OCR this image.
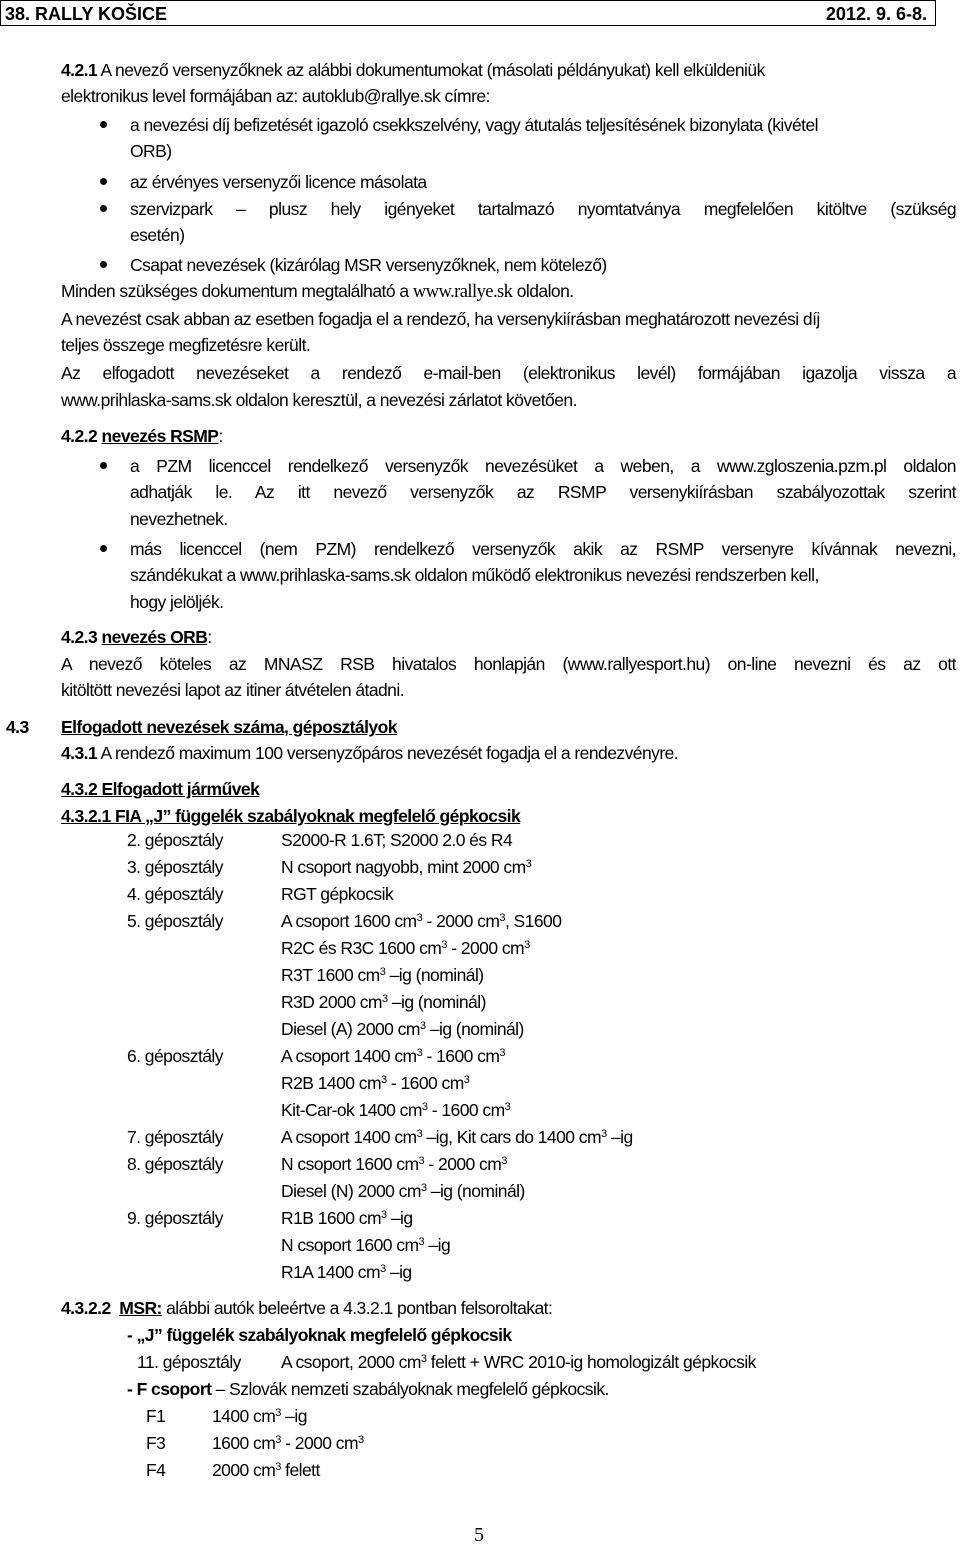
38. RALLY KOŠICE	2012. 9. 6-8.
4.2.1 A nevező versenyzőknek az alábbi dokumentumokat (másolati példányukat) kell elküldeniük
elektronikus level formájában az: autoklub@rallye.sk címre:
a nevezési díj befizetését igazoló csekkszelvény, vagy átutalás teljesítésének bizonylata (kivétel
ORB)
az érvényes versenyzői licence másolata
szervizpark – plusz hely igényeket tartalmazó nyomtatványa megfelelően kitöltve (szükség
esetén)
Csapat nevezések (kizárólag MSR versenyzőknek, nem kötelező)
Minden szükséges dokumentum megtalálható a www.rallye.sk oldalon.
A nevezést csak abban az esetben fogadja el a rendező, ha versenykiírásban meghatározott nevezési díj
teljes összege megfizetésre került.
Az elfogadott nevezéseket a rendező e-mail-ben (elektronikus levél) formájában igazolja vissza a
www.prihlaska-sams.sk oldalon keresztül, a nevezési zárlatot követően.
4.2.2 nevezés RSMP:
a PZM licenccel rendelkező versenyzők nevezésüket a weben, a www.zgloszenia.pzm.pl oldalon
adhatják le. Az itt nevező versenyzők az RSMP versenykiírásban szabályozottak szerint
nevezhetnek.
más licenccel (nem PZM) rendelkező versenyzők akik az RSMP versenyre kívánnak nevezni,
szándékukat a www.prihlaska-sams.sk oldalon működő elektronikus nevezési rendszerben kell,
hogy jelöljék.
4.2.3 nevezés ORB:
A nevező köteles az MNASZ RSB hivatalos honlapján (www.rallyesport.hu) on-line nevezni és az ott
kitöltött nevezési lapot az itiner átvételen átadni.
4.3 Elfogadott nevezések száma, géposztályok
4.3.1 A rendező maximum 100 versenyzőpáros nevezését fogadja el a rendezvényre.
4.3.2 Elfogadott járművek
4.3.2.1 FIA „J” függelék szabályoknak megfelelő gépkocsik
2. géposztály	S2000-R 1.6T; S2000 2.0 és R4
3. géposztály	N csoport nagyobb, mint 2000 $cm^3$
4. géposztály	RGT gépkocsik
5. géposztály	A csoport 1600 $cm^3 - 2000$ $cm^3$, S1600
R2C és R3C 1600 $cm^3 - 2000$ $cm^3$
R3T 1600 $cm^3$ –ig (nominál)
R3D 2000 $cm^3$ –ig (nominál)
Diesel (A) 2000 $cm^3$ –ig (nominál)
6. géposztály	A csoport 1400 $cm^3 - 1600$ $cm^3$
R2B 1400 $cm^3 - 1600$ $cm^3$
Kit-Car-ok 1400 $cm^3 - 1600$ $cm^3$
7. géposztály	A csoport 1400 $cm^3$ –ig, Kit cars do 1400 $cm^3$ –ig
8. géposztály	N csoport 1600 $cm^3 - 2000$ $cm^3$
Diesel (N) 2000 $cm^3$ –ig (nominál)
9. géposztály	R1B 1600 $cm^3$ –ig
N csoport 1600 $cm^3$ –ig
R1A 1400 $cm^3$ –ig
4.3.2.2 MSR: alábbi autók beleértve a 4.3.2.1 pontban felsoroltakat:
- „J” függelék szabályoknak megfelelő gépkocsik
11. géposztály A csoport, 2000 $cm^3$ felett + WRC 2010-ig homologizált gépkocsik
- F csoport – Szlovák nemzeti szabályoknak megfelelő gépkocsik.
F1	1400 $cm^3$ –ig
F3	1600 $cm^3 - 2000$ $cm^3$
F4	2000 $cm^3$ felett
5
